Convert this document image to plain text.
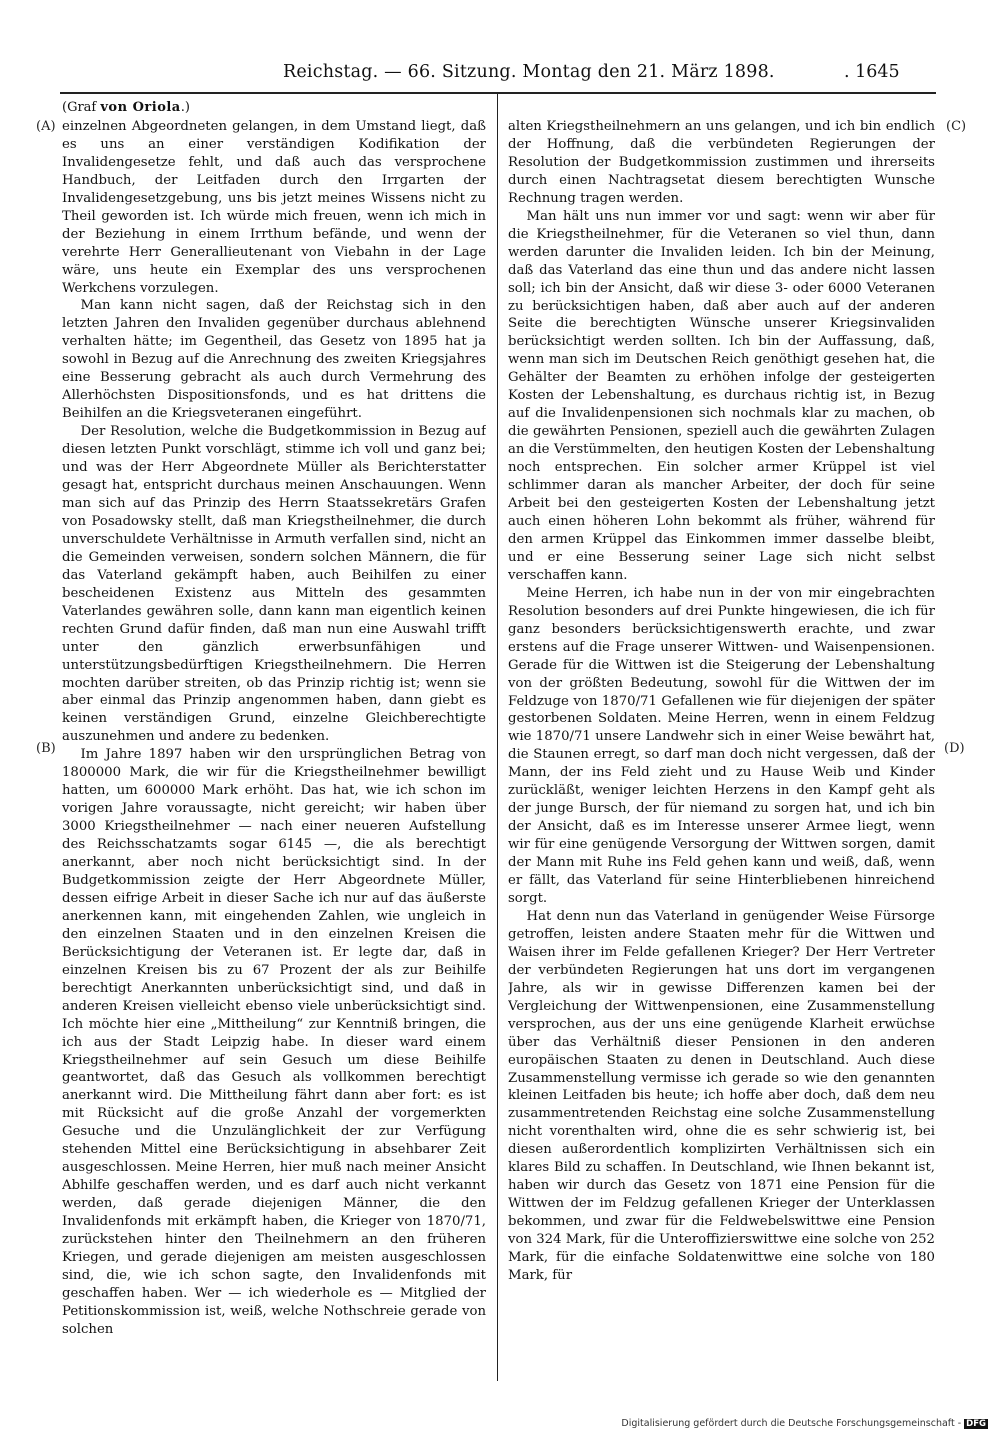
Reichstag. — 66. Sitzung. Montag den 21. März 1898.	. 1645
(A)
(B)
(C)
(D)
(Graf von Oriola.)

einzelnen Abgeordneten gelangen, in dem Umstand liegt, daß es uns an einer verständigen Kodifikation der Invalidengesetze fehlt, und daß auch das versprochene Handbuch, der Leitfaden durch den Irrgarten der Invalidengesetzgebung, uns bis jetzt meines Wissens nicht zu Theil geworden ist. Ich würde mich freuen, wenn ich mich in der Beziehung in einem Irrthum befände, und wenn der verehrte Herr Generallieutenant von Viebahn in der Lage wäre, uns heute ein Exemplar des uns versprochenen Werkchens vorzulegen.

Man kann nicht sagen, daß der Reichstag sich in den letzten Jahren den Invaliden gegenüber durchaus ablehnend verhalten hätte; im Gegentheil, das Gesetz von 1895 hat ja sowohl in Bezug auf die Anrechnung des zweiten Kriegsjahres eine Besserung gebracht als auch durch Vermehrung des Allerhöchsten Dispositionsfonds, und es hat drittens die Beihilfen an die Kriegsveteranen eingeführt.

Der Resolution, welche die Budgetkommission in Bezug auf diesen letzten Punkt vorschlägt, stimme ich voll und ganz bei; und was der Herr Abgeordnete Müller als Berichterstatter gesagt hat, entspricht durchaus meinen Anschauungen. Wenn man sich auf das Prinzip des Herrn Staatssekretärs Grafen von Posadowsky stellt, daß man Kriegstheilnehmer, die durch unverschuldete Verhältnisse in Armuth verfallen sind, nicht an die Gemeinden verweisen, sondern solchen Männern, die für das Vaterland gekämpft haben, auch Beihilfen zu einer bescheidenen Existenz aus Mitteln des gesammten Vaterlandes gewähren solle, dann kann man eigentlich keinen rechten Grund dafür finden, daß man nun eine Auswahl trifft unter den gänzlich erwerbsunfähigen und unterstützungsbedürftigen Kriegstheilnehmern. Die Herren mochten darüber streiten, ob das Prinzip richtig ist; wenn sie aber einmal das Prinzip angenommen haben, dann giebt es keinen verständigen Grund, einzelne Gleichberechtigte auszunehmen und andere zu bedenken.

Im Jahre 1897 haben wir den ursprünglichen Betrag von 1800000 Mark, die wir für die Kriegstheilnehmer bewilligt hatten, um 600000 Mark erhöht. Das hat, wie ich schon im vorigen Jahre voraussagte, nicht gereicht; wir haben über 3000 Kriegstheilnehmer — nach einer neueren Aufstellung des Reichsschatzamts sogar 6145 —, die als berechtigt anerkannt, aber noch nicht berücksichtigt sind. In der Budgetkommission zeigte der Herr Abgeordnete Müller, dessen eifrige Arbeit in dieser Sache ich nur auf das äußerste anerkennen kann, mit eingehenden Zahlen, wie ungleich in den einzelnen Staaten und in den einzelnen Kreisen die Berücksichtigung der Veteranen ist. Er legte dar, daß in einzelnen Kreisen bis zu 67 Prozent der als zur Beihilfe berechtigt Anerkannten unberücksichtigt sind, und daß in anderen Kreisen vielleicht ebenso viele unberücksichtigt sind. Ich möchte hier eine „Mittheilung“ zur Kenntniß bringen, die ich aus der Stadt Leipzig habe. In dieser ward einem Kriegstheilnehmer auf sein Gesuch um diese Beihilfe geantwortet, daß das Gesuch als vollkommen berechtigt anerkannt wird. Die Mittheilung fährt dann aber fort: es ist mit Rücksicht auf die große Anzahl der vorgemerkten Gesuche und die Unzulänglichkeit der zur Verfügung stehenden Mittel eine Berücksichtigung in absehbarer Zeit ausgeschlossen. Meine Herren, hier muß nach meiner Ansicht Abhilfe geschaffen werden, und es darf auch nicht verkannt werden, daß gerade diejenigen Männer, die den Invalidenfonds mit erkämpft haben, die Krieger von 1870/71, zurückstehen hinter den Theilnehmern an den früheren Kriegen, und gerade diejenigen am meisten ausgeschlossen sind, die, wie ich schon sagte, den Invalidenfonds mit geschaffen haben. Wer — ich wiederhole es — Mitglied der Petitionskommission ist, weiß, welche Nothschreie gerade von solchen

alten Kriegstheilnehmern an uns gelangen, und ich bin endlich der Hoffnung, daß die verbündeten Regierungen der Resolution der Budgetkommission zustimmen und ihrerseits durch einen Nachtragsetat diesem berechtigten Wunsche Rechnung tragen werden.

Man hält uns nun immer vor und sagt: wenn wir aber für die Kriegstheilnehmer, für die Veteranen so viel thun, dann werden darunter die Invaliden leiden. Ich bin der Meinung, daß das Vaterland das eine thun und das andere nicht lassen soll; ich bin der Ansicht, daß wir diese 3- oder 6000 Veteranen zu berücksichtigen haben, daß aber auch auf der anderen Seite die berechtigten Wünsche unserer Kriegsinvaliden berücksichtigt werden sollten. Ich bin der Auffassung, daß, wenn man sich im Deutschen Reich genöthigt gesehen hat, die Gehälter der Beamten zu erhöhen infolge der gesteigerten Kosten der Lebenshaltung, es durchaus richtig ist, in Bezug auf die Invalidenpensionen sich nochmals klar zu machen, ob die gewährten Pensionen, speziell auch die gewährten Zulagen an die Verstümmelten, den heutigen Kosten der Lebenshaltung noch entsprechen. Ein solcher armer Krüppel ist viel schlimmer daran als mancher Arbeiter, der doch für seine Arbeit bei den gesteigerten Kosten der Lebenshaltung jetzt auch einen höheren Lohn bekommt als früher, während für den armen Krüppel das Einkommen immer dasselbe bleibt, und er eine Besserung seiner Lage sich nicht selbst verschaffen kann.

Meine Herren, ich habe nun in der von mir eingebrachten Resolution besonders auf drei Punkte hingewiesen, die ich für ganz besonders berücksichtigenswerth erachte, und zwar erstens auf die Frage unserer Wittwen- und Waisenpensionen. Gerade für die Wittwen ist die Steigerung der Lebenshaltung von der größten Bedeutung, sowohl für die Wittwen der im Feldzuge von 1870/71 Gefallenen wie für diejenigen der später gestorbenen Soldaten. Meine Herren, wenn in einem Feldzug wie 1870/71 unsere Landwehr sich in einer Weise bewährt hat, die Staunen erregt, so darf man doch nicht vergessen, daß der Mann, der ins Feld zieht und zu Hause Weib und Kinder zurückläßt, weniger leichten Herzens in den Kampf geht als der junge Bursch, der für niemand zu sorgen hat, und ich bin der Ansicht, daß es im Interesse unserer Armee liegt, wenn wir für eine genügende Versorgung der Wittwen sorgen, damit der Mann mit Ruhe ins Feld gehen kann und weiß, daß, wenn er fällt, das Vaterland für seine Hinterbliebenen hinreichend sorgt.

Hat denn nun das Vaterland in genügender Weise Fürsorge getroffen, leisten andere Staaten mehr für die Wittwen und Waisen ihrer im Felde gefallenen Krieger? Der Herr Vertreter der verbündeten Regierungen hat uns dort im vergangenen Jahre, als wir in gewisse Differenzen kamen bei der Vergleichung der Wittwenpensionen, eine Zusammenstellung versprochen, aus der uns eine genügende Klarheit erwüchse über das Verhältniß dieser Pensionen in den anderen europäischen Staaten zu denen in Deutschland. Auch diese Zusammenstellung vermisse ich gerade so wie den genannten kleinen Leitfaden bis heute; ich hoffe aber doch, daß dem neu zusammentretenden Reichstag eine solche Zusammenstellung nicht vorenthalten wird, ohne die es sehr schwierig ist, bei diesen außerordentlich komplizirten Verhältnissen sich ein klares Bild zu schaffen. In Deutschland, wie Ihnen bekannt ist, haben wir durch das Gesetz von 1871 eine Pension für die Wittwen der im Feldzug gefallenen Krieger der Unterklassen bekommen, und zwar für die Feldwebelswittwe eine Pension von 324 Mark, für die Unteroffizierswittwe eine solche von 252 Mark, für die einfache Soldatenwittwe eine solche von 180 Mark, für

Digitalisierung gefördert durch die Deutsche Forschungsgemeinschaft - DFG
